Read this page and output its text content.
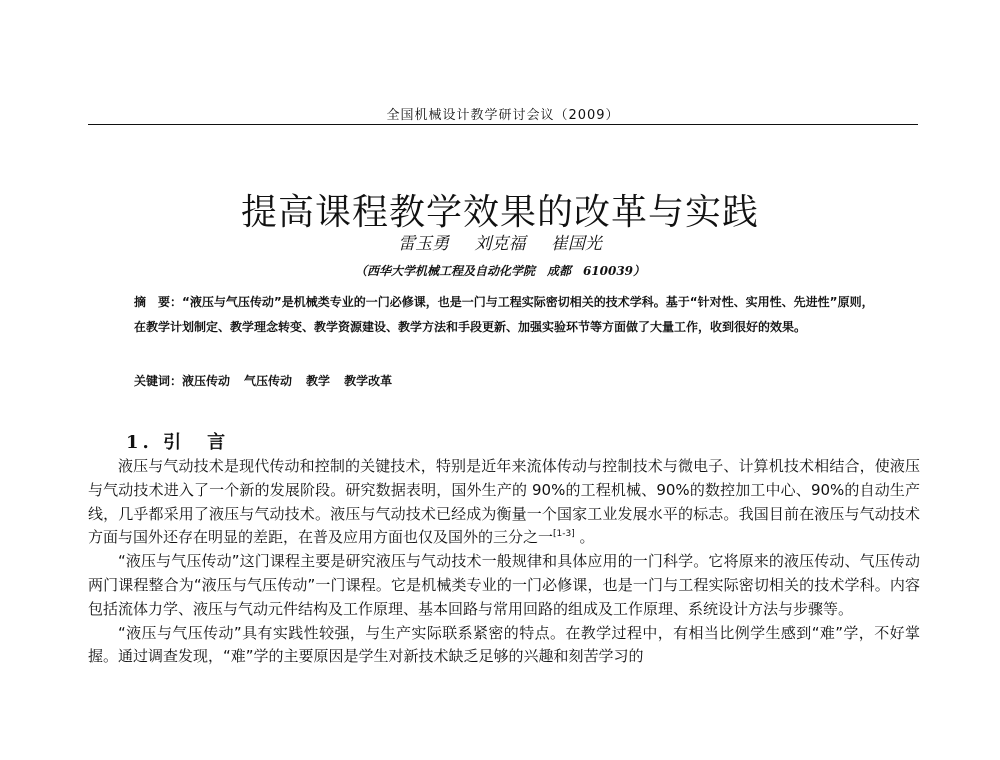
全国机械设计教学研讨会议（2009）
提高课程教学效果的改革与实践
雷玉勇 刘克福 崔国光
（西华大学机械工程及自动化学院　成都　610039）

摘　要：“液压与气压传动”是机械类专业的一门必修课，也是一门与工程实际密切相关的技术学科。基于“针对性、实用性、先进性”原则，在教学计划制定、教学理念转变、教学资源建设、教学方法和手段更新、加强实验环节等方面做了大量工作，收到很好的效果。

关键词：液压传动 气压传动 教学 教学改革
1. 引　言

液压与气动技术是现代传动和控制的关键技术，特别是近年来流体传动与控制技术与微电子、计算机技术相结合，使液压与气动技术进入了一个新的发展阶段。研究数据表明，国外生产的 90%的工程机械、90%的数控加工中心、90%的自动生产线，几乎都采用了液压与气动技术。液压与气动技术已经成为衡量一个国家工业发展水平的标志。我国目前在液压与气动技术方面与国外还存在明显的差距，在普及应用方面也仅及国外的三分之一[1-3] 。

“液压与气压传动”这门课程主要是研究液压与气动技术一般规律和具体应用的一门科学。它将原来的液压传动、气压传动两门课程整合为“液压与气压传动”一门课程。它是机械类专业的一门必修课，也是一门与工程实际密切相关的技术学科。内容包括流体力学、液压与气动元件结构及工作原理、基本回路与常用回路的组成及工作原理、系统设计方法与步骤等。

“液压与气压传动”具有实践性较强，与生产实际联系紧密的特点。在教学过程中，有相当比例学生感到“难”学，不好掌握。通过调查发现，“难”学的主要原因是学生对新技术缺乏足够的兴趣和刻苦学习的
